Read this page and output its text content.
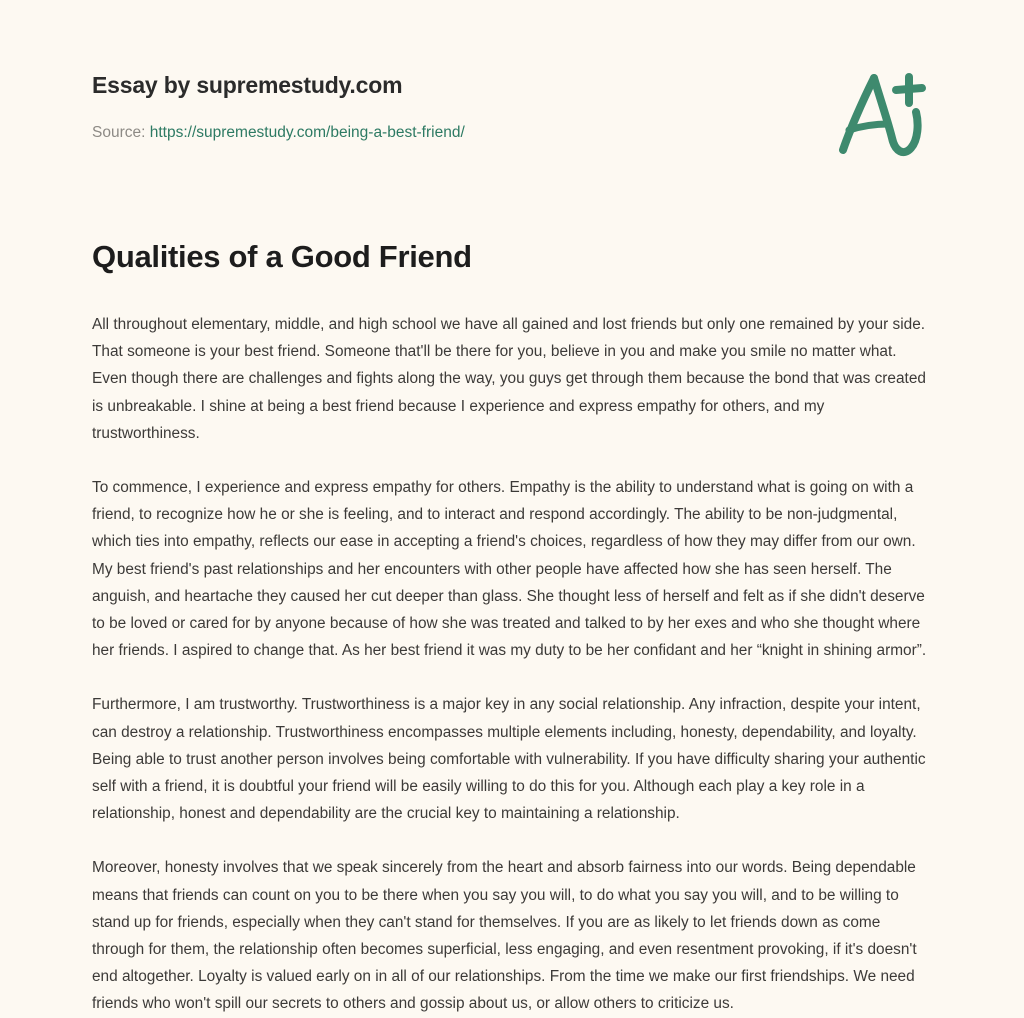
Essay by supremestudy.com
Source: https://supremestudy.com/being-a-best-friend/
Qualities of a Good Friend

All throughout elementary, middle, and high school we have all gained and lost friends but only one remained by your side. That someone is your best friend. Someone that'll be there for you, believe in you and make you smile no matter what. Even though there are challenges and fights along the way, you guys get through them because the bond that was created is unbreakable. I shine at being a best friend because I experience and express empathy for others, and my trustworthiness.

To commence, I experience and express empathy for others. Empathy is the ability to understand what is going on with a friend, to recognize how he or she is feeling, and to interact and respond accordingly. The ability to be non-judgmental, which ties into empathy, reflects our ease in accepting a friend's choices, regardless of how they may differ from our own. My best friend's past relationships and her encounters with other people have affected how she has seen herself. The anguish, and heartache they caused her cut deeper than glass. She thought less of herself and felt as if she didn't deserve to be loved or cared for by anyone because of how she was treated and talked to by her exes and who she thought where her friends. I aspired to change that. As her best friend it was my duty to be her confidant and her “knight in shining armor”.

Furthermore, I am trustworthy. Trustworthiness is a major key in any social relationship. Any infraction, despite your intent, can destroy a relationship. Trustworthiness encompasses multiple elements including, honesty, dependability, and loyalty. Being able to trust another person involves being comfortable with vulnerability. If you have difficulty sharing your authentic self with a friend, it is doubtful your friend will be easily willing to do this for you. Although each play a key role in a relationship, honest and dependability are the crucial key to maintaining a relationship.

Moreover, honesty involves that we speak sincerely from the heart and absorb fairness into our words. Being dependable means that friends can count on you to be there when you say you will, to do what you say you will, and to be willing to stand up for friends, especially when they can't stand for themselves. If you are as likely to let friends down as come through for them, the relationship often becomes superficial, less engaging, and even resentment provoking, if it's doesn't end altogether. Loyalty is valued early on in all of our relationships. From the time we make our first friendships. We need friends who won't spill our secrets to others and gossip about us, or allow others to criticize us.
